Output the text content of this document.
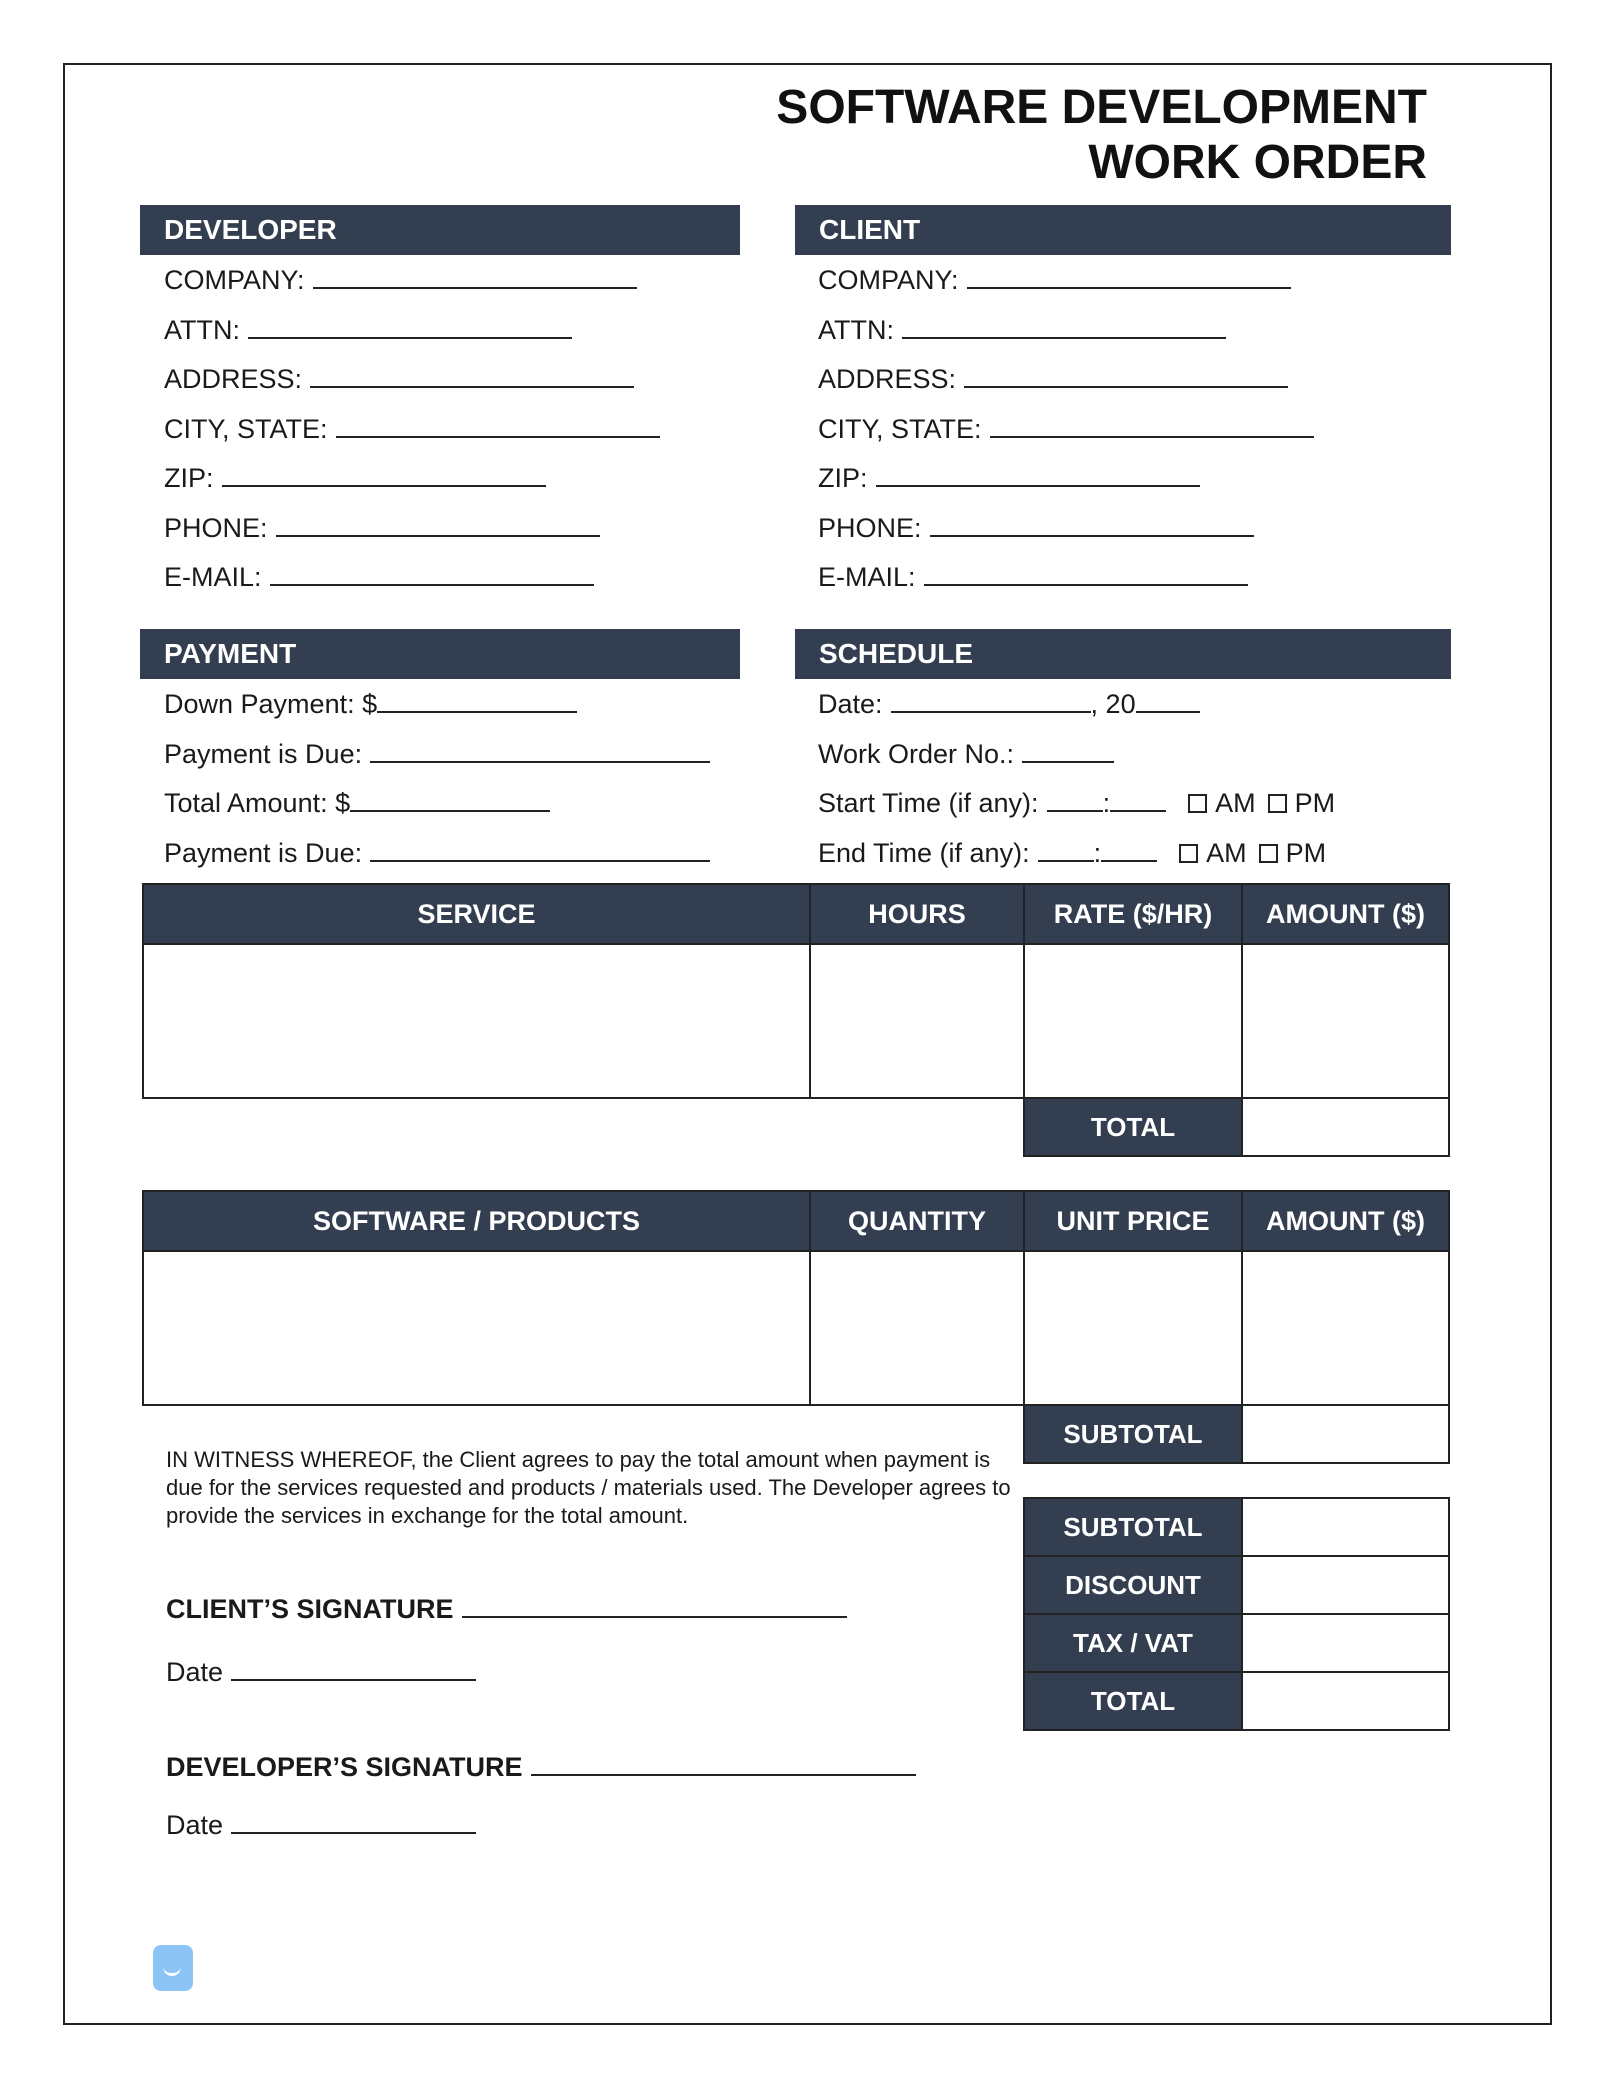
SOFTWARE DEVELOPMENT
WORK ORDER
DEVELOPER
COMPANY:
ATTN:
ADDRESS:
CITY, STATE:
ZIP:
PHONE:
E-MAIL:
CLIENT
COMPANY:
ATTN:
ADDRESS:
CITY, STATE:
ZIP:
PHONE:
E-MAIL:
PAYMENT
Down Payment: $
Payment is Due:
Total Amount: $
Payment is Due:
SCHEDULE
Date:	, 20
Work Order No.:
Start Time (if any): :	AM PM
End Time (if any): :	AM PM
SERVICE	HOURS	RATE ($/HR)	AMOUNT ($)

TOTAL	
SOFTWARE / PRODUCTS	QUANTITY	UNIT PRICE	AMOUNT ($)

SUBTOTAL	
SUBTOTAL	
DISCOUNT	
TAX / VAT	
TOTAL	
IN WITNESS WHEREOF, the Client agrees to pay the total amount when payment is due for the services requested and products / materials used. The Developer agrees to provide the services in exchange for the total amount.
CLIENT’S SIGNATURE
Date
DEVELOPER’S SIGNATURE
Date
